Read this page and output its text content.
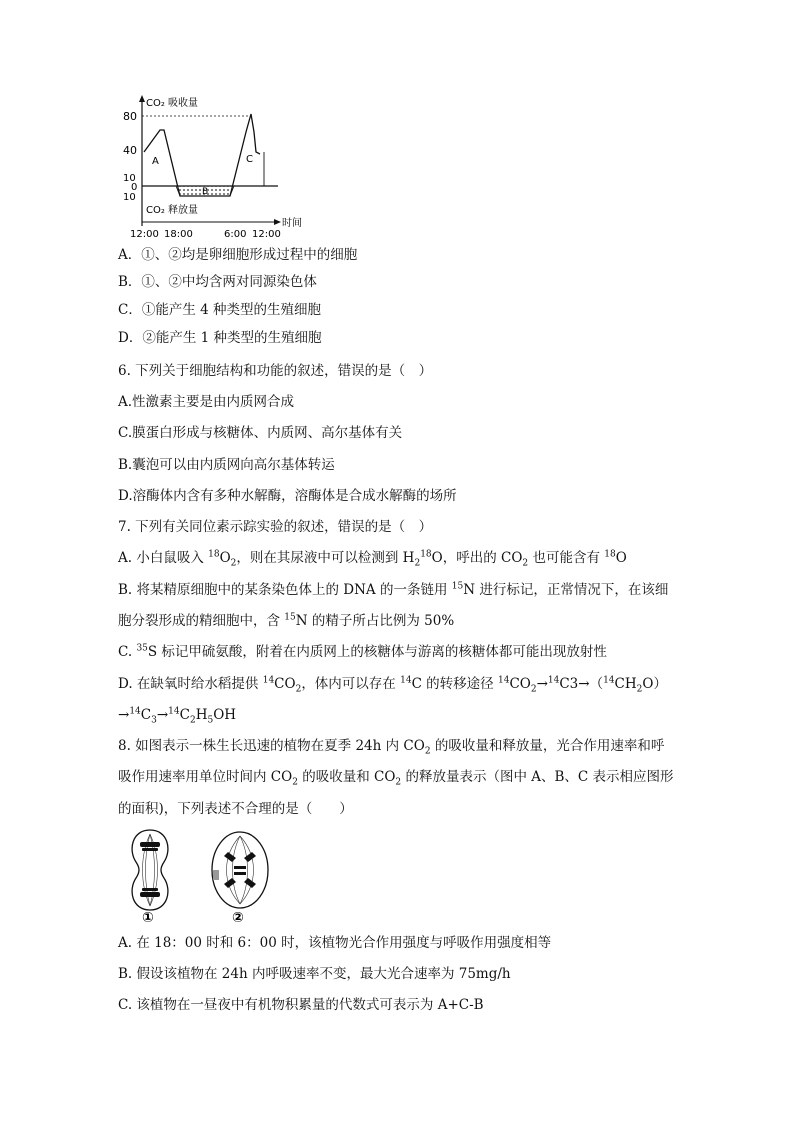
80
40
10
0
10
CO₂ 吸收量
CO₂ 释放量
时间
A
B
C
12:00 18:00	6:00 12:00
A．①、②均是卵细胞形成过程中的细胞
B．①、②中均含两对同源染色体
C．①能产生 4 种类型的生殖细胞
D．②能产生 1 种类型的生殖细胞
6. 下列关于细胞结构和功能的叙述，错误的是（　）
A.性激素主要是由内质网合成
C.膜蛋白形成与核糖体、内质网、高尔基体有关
B.囊泡可以由内质网向高尔基体转运
D.溶酶体内含有多种水解酶，溶酶体是合成水解酶的场所
7. 下列有关同位素示踪实验的叙述，错误的是（　）
A. 小白鼠吸入 $^{18}O_2$，则在其尿液中可以检测到 $H_2^{18}O$，呼出的 $CO_2$ 也可能含有 $^{18}$O
B. 将某精原细胞中的某条染色体上的 DNA 的一条链用 $^{15}$N 进行标记，正常情况下，在该细
胞分裂形成的精细胞中，含 $^{15}$N 的精子所占比例为 50%
C. $^{35}$S 标记甲硫氨酸，附着在内质网上的核糖体与游离的核糖体都可能出现放射性
D. 在缺氧时给水稻提供 $^{14}CO_2$，体内可以存在 $^{14}$C 的转移途径 $^{14}CO_2\to^{14}C3\to(^{14}CH_2O)$
$\to^{14}C_3\to^{14}C_2H_5OH$
8. 如图表示一株生长迅速的植物在夏季 24h 内 $CO_2$ 的吸收量和释放量，光合作用速率和呼
吸作用速率用单位时间内 $CO_2$ 的吸收量和 $CO_2$ 的释放量表示（图中 A、B、C 表示相应图形
的面积)，下列表述不合理的是（　　）
①	②
A. 在 18：00 时和 6：00 时，该植物光合作用强度与呼吸作用强度相等
B. 假设该植物在 24h 内呼吸速率不变，最大光合速率为 75mg/h
C. 该植物在一昼夜中有机物积累量的代数式可表示为 A+C-B
